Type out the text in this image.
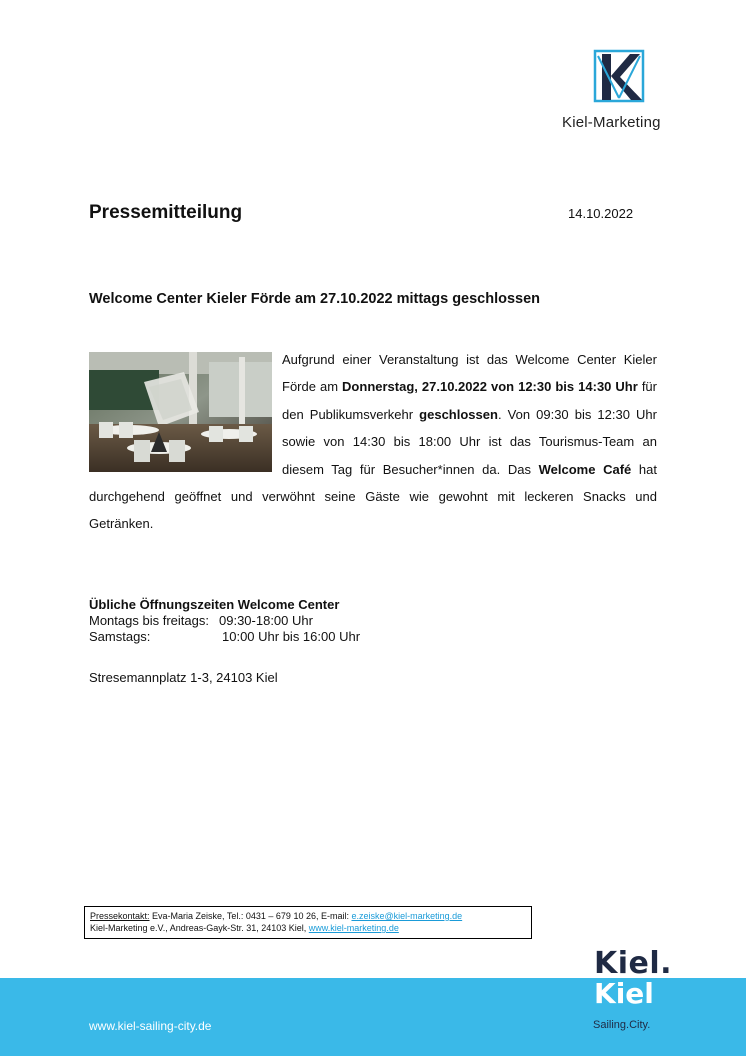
Kiel-Marketing
Pressemitteilung	14.10.2022
Welcome Center Kieler Förde am 27.10.2022 mittags geschlossen
Aufgrund einer Veranstaltung ist das Welcome Center Kieler Förde am Donnerstag, 27.10.2022 von 12:30 bis 14:30 Uhr für den Publikumsverkehr geschlossen. Von 09:30 bis 12:30 Uhr sowie von 14:30 bis 18:00 Uhr ist das Tourismus-Team an diesem Tag für Besucher*innen da. Das Welcome Café hat durchgehend geöffnet und verwöhnt seine Gäste wie gewohnt mit leckeren Snacks und Getränken.
Übliche Öffnungszeiten Welcome Center
Montags bis freitags: 09:30-18:00 Uhr
Samstags:	10:00 Uhr bis 16:00 Uhr
Stresemannplatz 1-3, 24103 Kiel
Pressekontakt: Eva-Maria Zeiske, Tel.: 0431 – 679 10 26, E-mail: e.zeiske@kiel-marketing.de
Kiel-Marketing e.V., Andreas-Gayk-Str. 31, 24103 Kiel, www.kiel-marketing.de
www.kiel-sailing-city.de
Kiel.
Kiel
Sailing.City.
